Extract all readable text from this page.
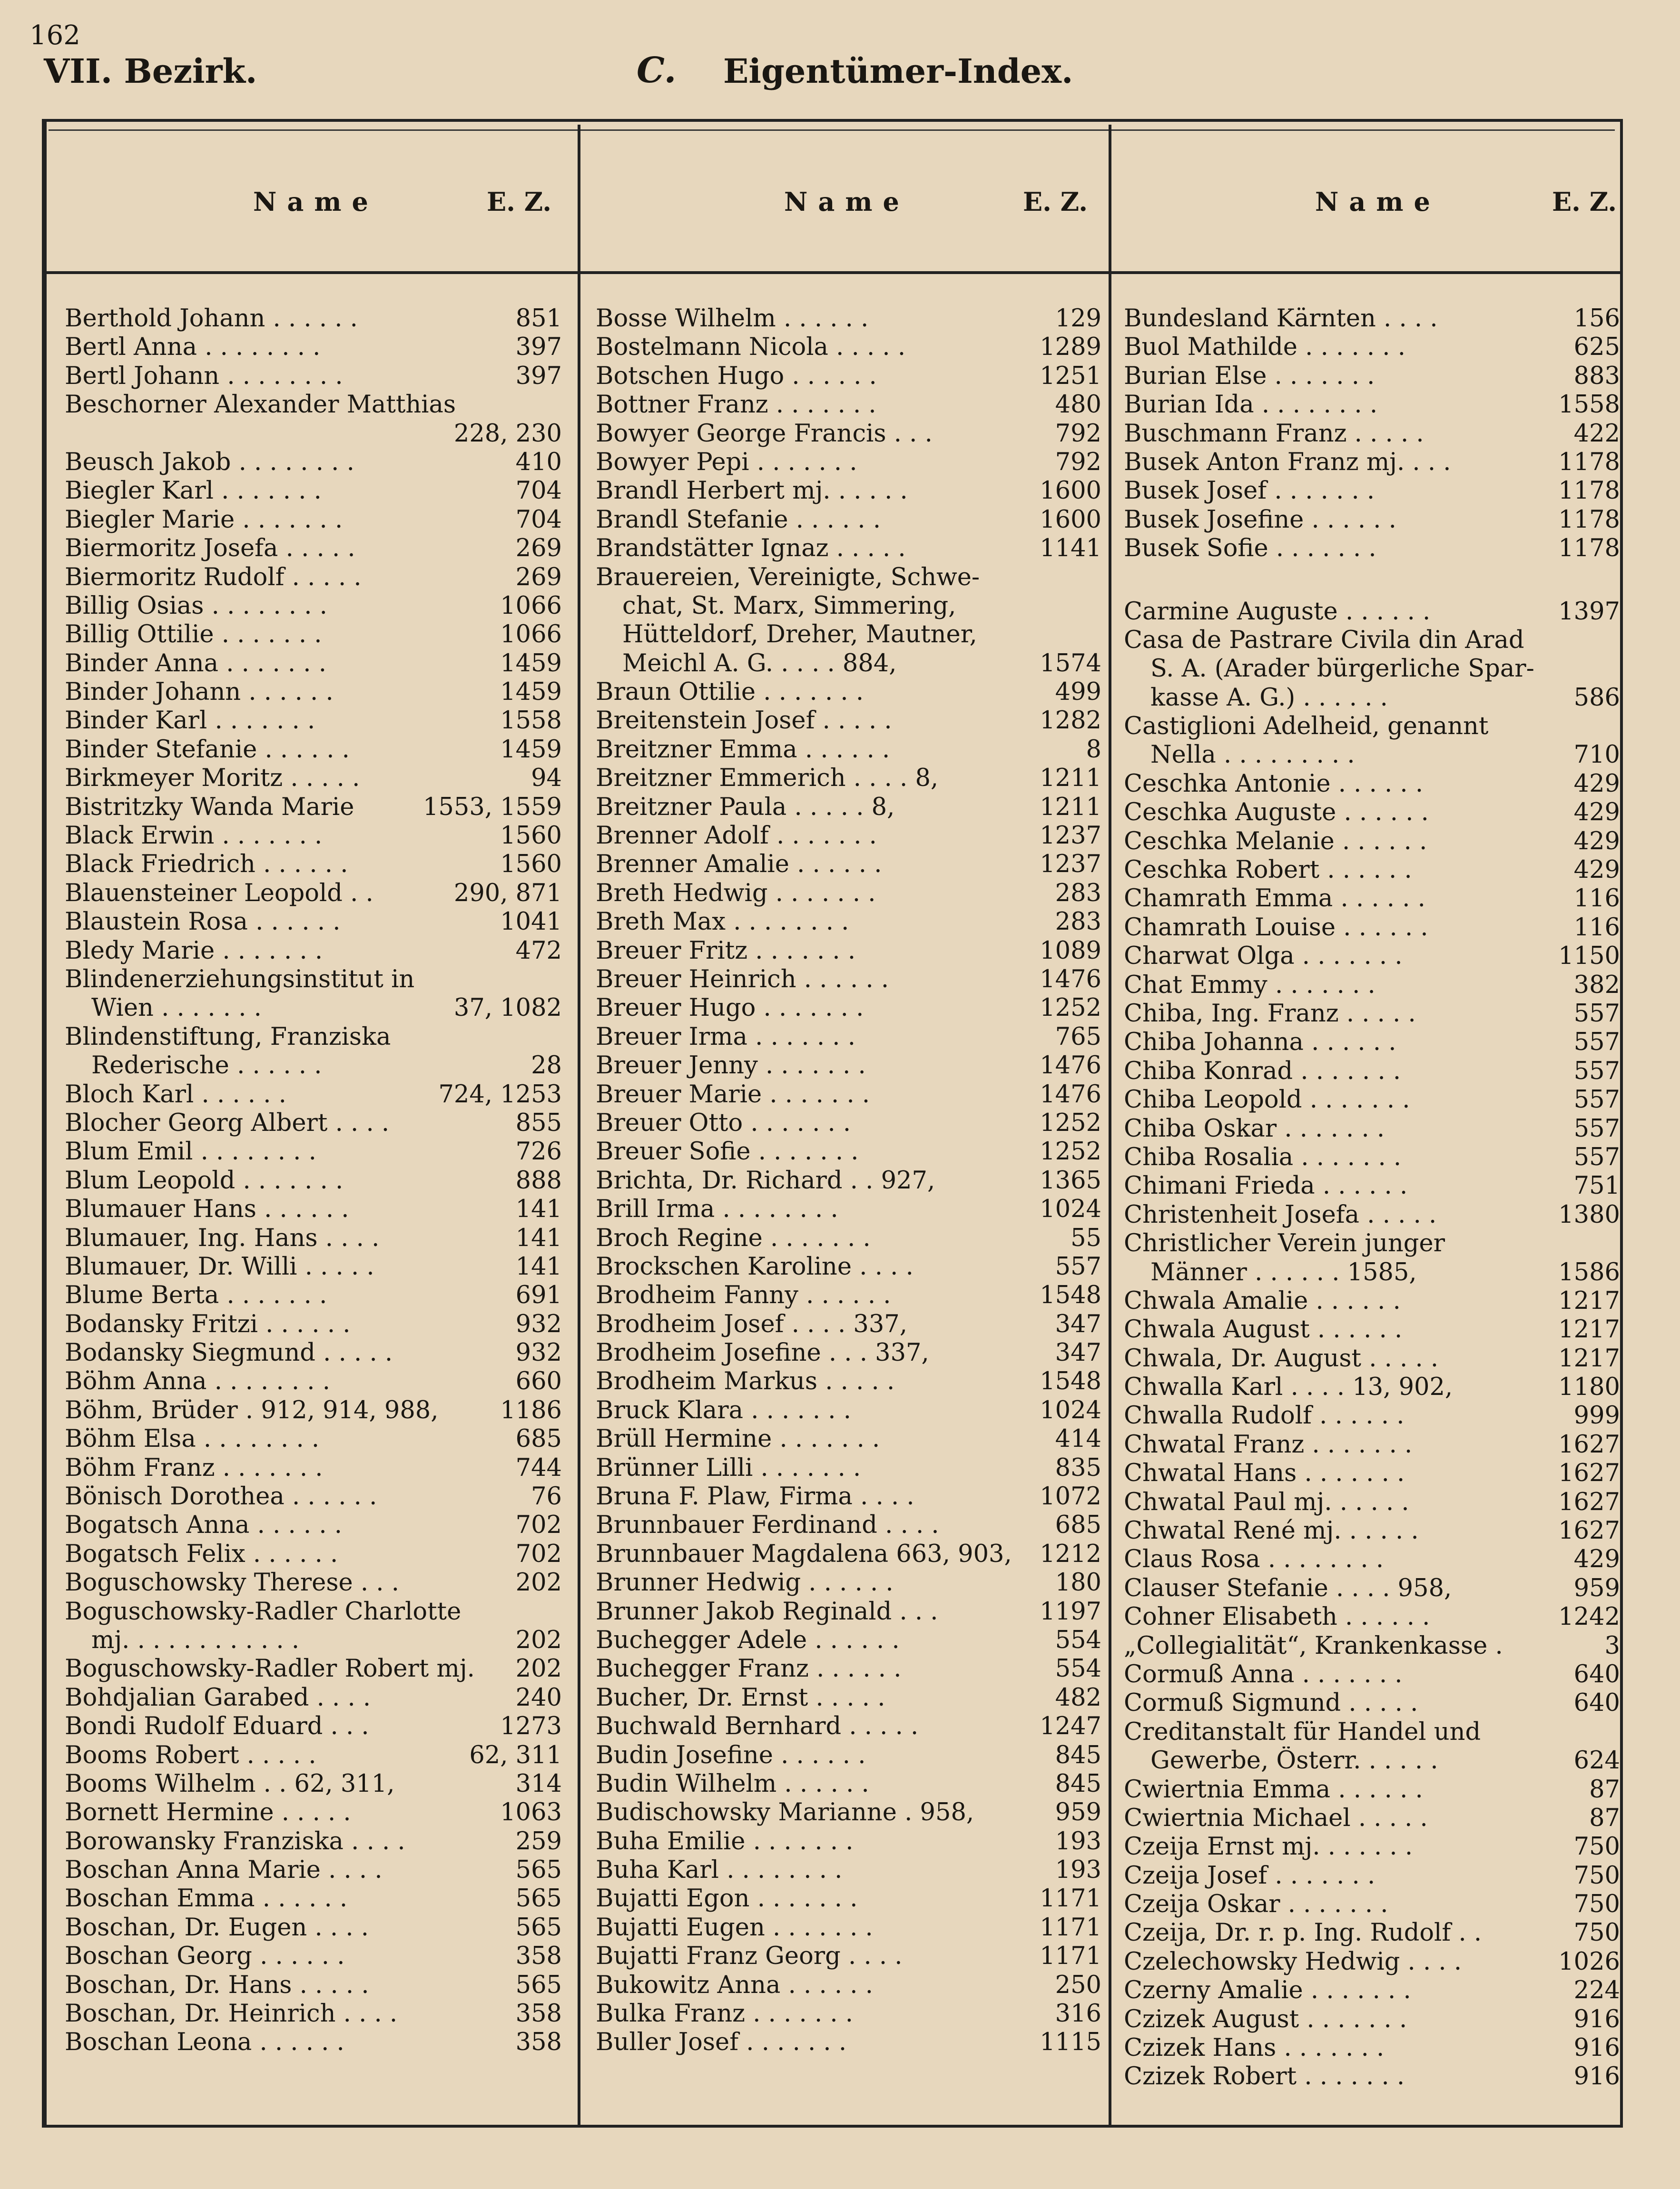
162
VII. Bezirk.	C. Eigentümer-Index.
Name	E. Z.	Name	E. Z.	Name	E. Z.
Berthold Johann . . . . . .	851
Bertl Anna . . . . . . . .	397
Bertl Johann . . . . . . . .	397
Beschorner Alexander Matthias
228, 230
Beusch Jakob . . . . . . . .	410
Biegler Karl . . . . . . .	704
Biegler Marie . . . . . . .	704
Biermoritz Josefa . . . . .	269
Biermoritz Rudolf . . . . .	269
Billig Osias . . . . . . . .	1066
Billig Ottilie . . . . . . .	1066
Binder Anna . . . . . . .	1459
Binder Johann . . . . . .	1459
Binder Karl . . . . . . .	1558
Binder Stefanie . . . . . .	1459
Birkmeyer Moritz . . . . .	94
Bistritzky Wanda Marie	1553, 1559
Black Erwin . . . . . . .	1560
Black Friedrich . . . . . .	1560
Blauensteiner Leopold . .	290, 871
Blaustein Rosa . . . . . .	1041
Bledy Marie . . . . . . .	472
Blindenerziehungsinstitut in
Wien . . . . . . .	37, 1082
Blindenstiftung, Franziska
Rederische . . . . . .	28
Bloch Karl . . . . . .	724, 1253
Blocher Georg Albert . . . .	855
Blum Emil . . . . . . . .	726
Blum Leopold . . . . . . .	888
Blumauer Hans . . . . . .	141
Blumauer, Ing. Hans . . . .	141
Blumauer, Dr. Willi . . . . .	141
Blume Berta . . . . . . .	691
Bodansky Fritzi . . . . . .	932
Bodansky Siegmund . . . . .	932
Böhm Anna . . . . . . . .	660
Böhm, Brüder . 912, 914, 988,	1186
Böhm Elsa . . . . . . . .	685
Böhm Franz . . . . . . .	744
Bönisch Dorothea . . . . . .	76
Bogatsch Anna . . . . . .	702
Bogatsch Felix . . . . . .	702
Boguschowsky Therese . . .	202
Boguschowsky-Radler Charlotte
mj. . . . . . . . . . . .	202
Boguschowsky-Radler Robert mj. 202
Bohdjalian Garabed . . . .	240
Bondi Rudolf Eduard . . .	1273
Booms Robert . . . . .	62, 311
Booms Wilhelm . . 62, 311,	314
Bornett Hermine . . . . .	1063
Borowansky Franziska . . . .	259
Boschan Anna Marie . . . .	565
Boschan Emma . . . . . .	565
Boschan, Dr. Eugen . . . .	565
Boschan Georg . . . . . .	358
Boschan, Dr. Hans . . . . .	565
Boschan, Dr. Heinrich . . . .	358
Boschan Leona . . . . . .	358
Bosse Wilhelm . . . . . .	129
Bostelmann Nicola . . . . .	1289
Botschen Hugo . . . . . .	1251
Bottner Franz . . . . . . .	480
Bowyer George Francis . . .	792
Bowyer Pepi . . . . . . .	792
Brandl Herbert mj. . . . . .	1600
Brandl Stefanie . . . . . .	1600
Brandstätter Ignaz . . . . .	1141
Brauereien, Vereinigte, Schwe-
chat, St. Marx, Simmering,
Hütteldorf, Dreher, Mautner,
Meichl A. G. . . . . 884,	1574
Braun Ottilie . . . . . . .	499
Breitenstein Josef . . . . .	1282
Breitzner Emma . . . . . .	8
Breitzner Emmerich . . . . 8,	1211
Breitzner Paula . . . . . 8,	1211
Brenner Adolf . . . . . . .	1237
Brenner Amalie . . . . . .	1237
Breth Hedwig . . . . . . .	283
Breth Max . . . . . . . .	283
Breuer Fritz . . . . . . .	1089
Breuer Heinrich . . . . . .	1476
Breuer Hugo . . . . . . .	1252
Breuer Irma . . . . . . .	765
Breuer Jenny . . . . . . .	1476
Breuer Marie . . . . . . .	1476
Breuer Otto . . . . . . .	1252
Breuer Sofie . . . . . . .	1252
Brichta, Dr. Richard . . 927,	1365
Brill Irma . . . . . . . .	1024
Broch Regine . . . . . . .	55
Brockschen Karoline . . . .	557
Brodheim Fanny . . . . . .	1548
Brodheim Josef . . . . 337,	347
Brodheim Josefine . . . 337,	347
Brodheim Markus . . . . .	1548
Bruck Klara . . . . . . .	1024
Brüll Hermine . . . . . . .	414
Brünner Lilli . . . . . . .	835
Bruna F. Plaw, Firma . . . .	1072
Brunnbauer Ferdinand . . . .	685
Brunnbauer Magdalena 663, 903, 1212
Brunner Hedwig . . . . . .	180
Brunner Jakob Reginald . . .	1197
Buchegger Adele . . . . . .	554
Buchegger Franz . . . . . .	554
Bucher, Dr. Ernst . . . . .	482
Buchwald Bernhard . . . . .	1247
Budin Josefine . . . . . .	845
Budin Wilhelm . . . . . .	845
Budischowsky Marianne . 958,	959
Buha Emilie . . . . . . .	193
Buha Karl . . . . . . . .	193
Bujatti Egon . . . . . . .	1171
Bujatti Eugen . . . . . . .	1171
Bujatti Franz Georg . . . .	1171
Bukowitz Anna . . . . . .	250
Bulka Franz . . . . . . .	316
Buller Josef . . . . . . .	1115
Bundesland Kärnten . . . .	156
Buol Mathilde . . . . . . .	625
Burian Else . . . . . . .	883
Burian Ida . . . . . . . .	1558
Buschmann Franz . . . . .	422
Busek Anton Franz mj. . . .	1178
Busek Josef . . . . . . .	1178
Busek Josefine . . . . . .	1178
Busek Sofie . . . . . . .	1178
Carmine Auguste . . . . . .	1397
Casa de Pastrare Civila din Arad
S. A. (Arader bürgerliche Spar-
kasse A. G.) . . . . . .	586
Castiglioni Adelheid, genannt
Nella . . . . . . . . .	710
Ceschka Antonie . . . . . .	429
Ceschka Auguste . . . . . .	429
Ceschka Melanie . . . . . .	429
Ceschka Robert . . . . . .	429
Chamrath Emma . . . . . .	116
Chamrath Louise . . . . . .	116
Charwat Olga . . . . . . .	1150
Chat Emmy . . . . . . .	382
Chiba, Ing. Franz . . . . .	557
Chiba Johanna . . . . . .	557
Chiba Konrad . . . . . . .	557
Chiba Leopold . . . . . . .	557
Chiba Oskar . . . . . . .	557
Chiba Rosalia . . . . . . .	557
Chimani Frieda . . . . . .	751
Christenheit Josefa . . . . .	1380
Christlicher Verein junger
Männer . . . . . . 1585,	1586
Chwala Amalie . . . . . .	1217
Chwala August . . . . . .	1217
Chwala, Dr. August . . . . .	1217
Chwalla Karl . . . . 13, 902,	1180
Chwalla Rudolf . . . . . .	999
Chwatal Franz . . . . . . .	1627
Chwatal Hans . . . . . . .	1627
Chwatal Paul mj. . . . . .	1627
Chwatal René mj. . . . . .	1627
Claus Rosa . . . . . . . .	429
Clauser Stefanie . . . . 958,	959
Cohner Elisabeth . . . . . .	1242
„Collegialität“, Krankenkasse .	3
Cormuß Anna . . . . . . .	640
Cormuß Sigmund . . . . .	640
Creditanstalt für Handel und
Gewerbe, Österr. . . . . .	624
Cwiertnia Emma . . . . . .	87
Cwiertnia Michael . . . . .	87
Czeija Ernst mj. . . . . . .	750
Czeija Josef . . . . . . .	750
Czeija Oskar . . . . . . .	750
Czeija, Dr. r. p. Ing. Rudolf . .	750
Czelechowsky Hedwig . . . .	1026
Czerny Amalie . . . . . . .	224
Czizek August . . . . . . .	916
Czizek Hans . . . . . . .	916
Czizek Robert . . . . . . .	916
